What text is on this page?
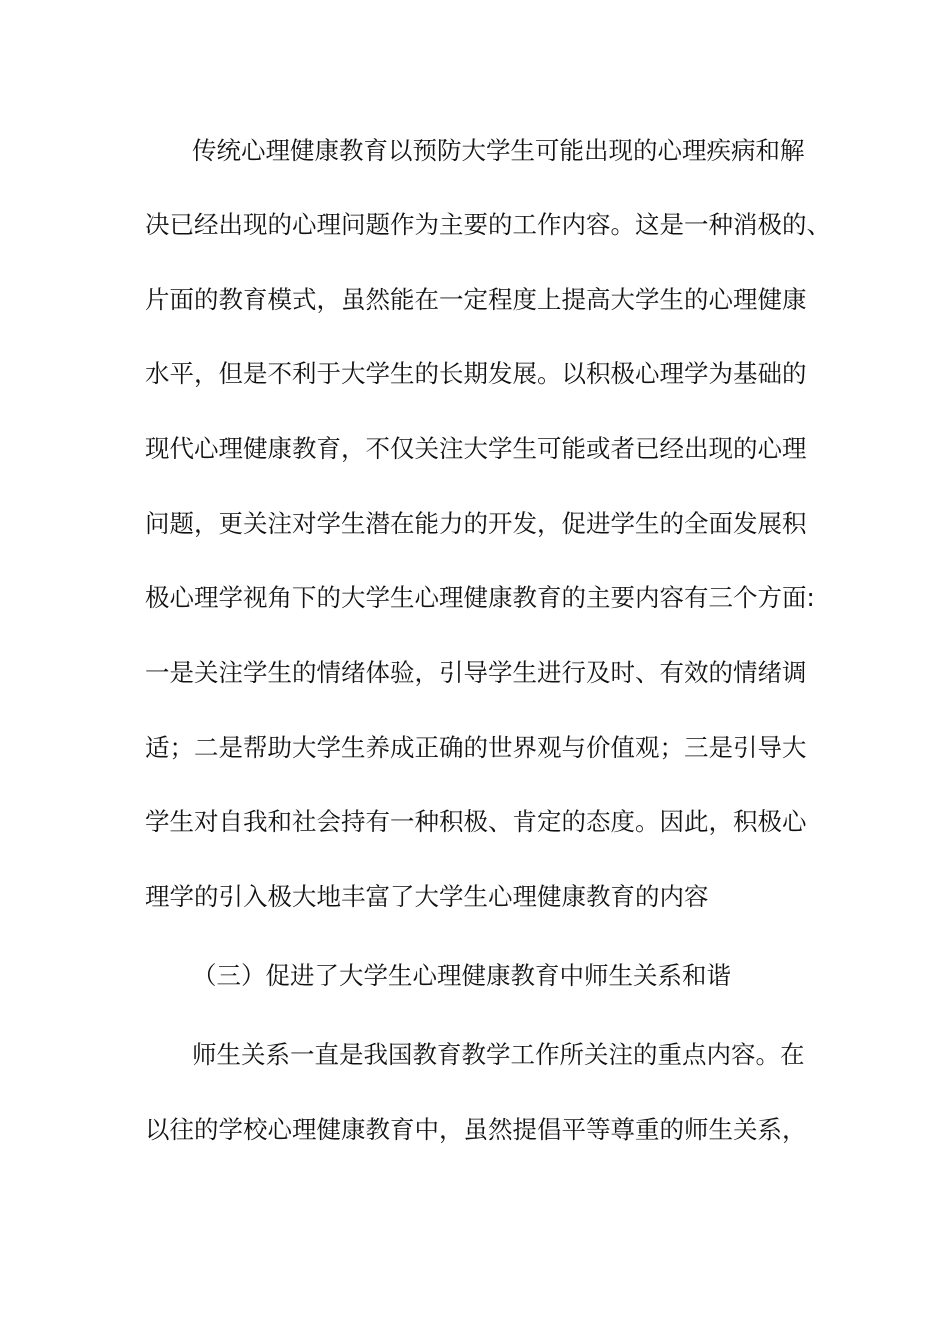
传统心理健康教育以预防大学生可能出现的心理疾病和解
决已经出现的心理问题作为主要的工作内容。这是一种消极的、
片面的教育模式，虽然能在一定程度上提高大学生的心理健康
水平，但是不利于大学生的长期发展。以积极心理学为基础的
现代心理健康教育，不仅关注大学生可能或者已经出现的心理
问题，更关注对学生潜在能力的开发，促进学生的全面发展积
极心理学视角下的大学生心理健康教育的主要内容有三个方面:
一是关注学生的情绪体验，引导学生进行及时、有效的情绪调
适；二是帮助大学生养成正确的世界观与价值观；三是引导大
学生对自我和社会持有一种积极、肯定的态度。因此，积极心
理学的引入极大地丰富了大学生心理健康教育的内容
（三）促进了大学生心理健康教育中师生关系和谐
师生关系一直是我国教育教学工作所关注的重点内容。在
以往的学校心理健康教育中，虽然提倡平等尊重的师生关系，
